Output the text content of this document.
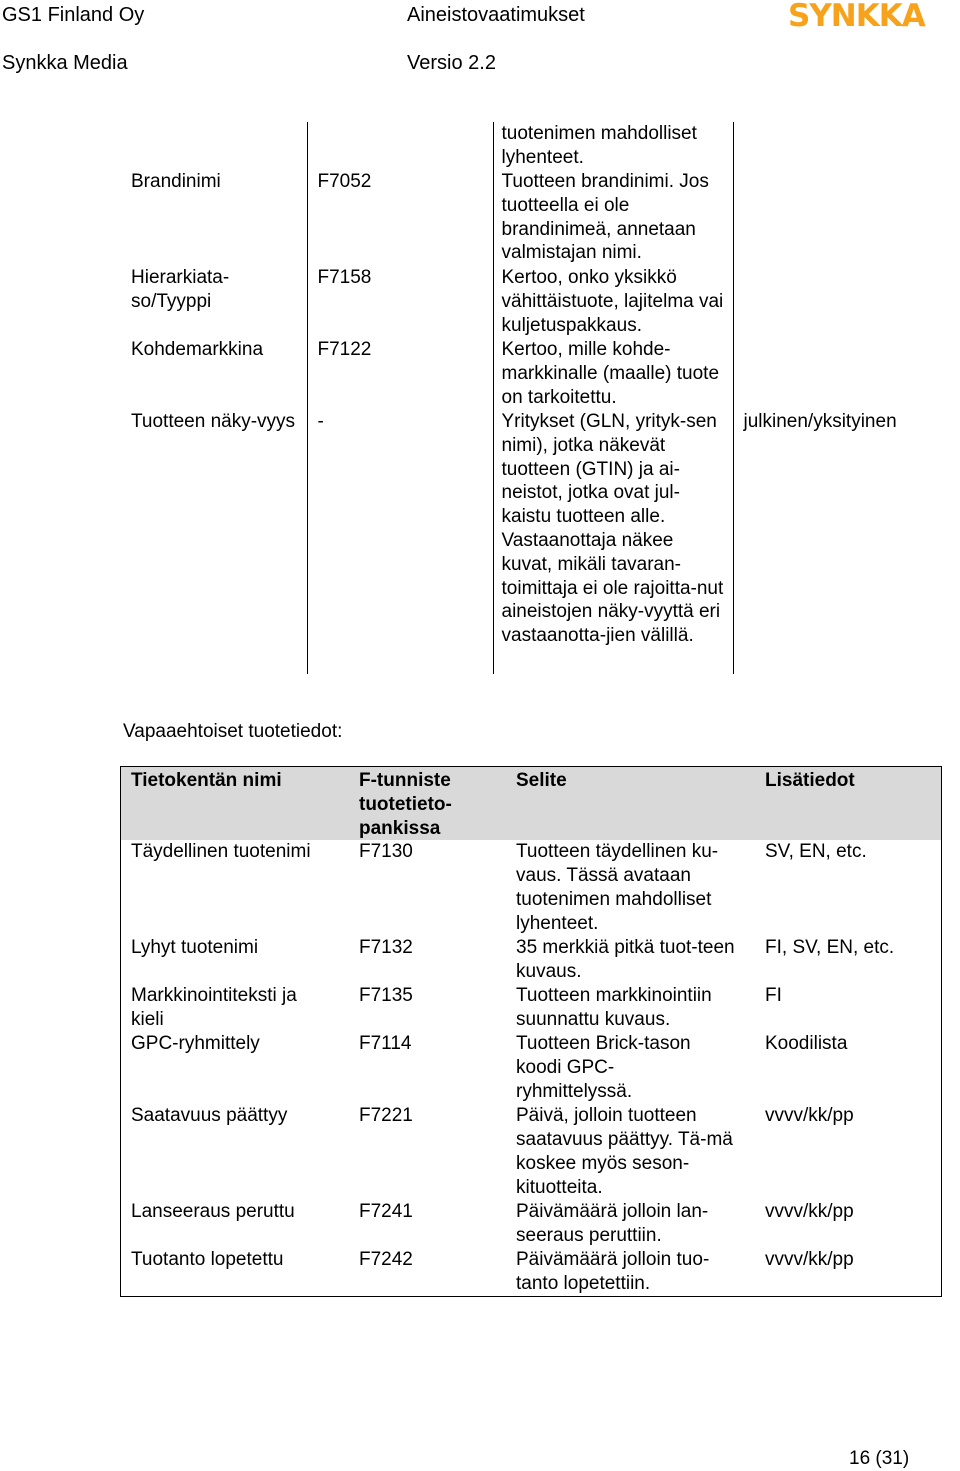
GS1 Finland Oy	Aineistovaatimukset	SYNKKA
Synkka Media	Versio 2.2
		tuotenimen mahdolliset lyhenteet.	
Brandinimi	F7052	Tuotteen brandinimi. Jos tuotteella ei ole brandinimeä, annetaan valmistajan nimi.	
Hierarkiata-so/Tyyppi	F7158	Kertoo, onko yksikkö vähittäistuote, lajitelma vai kuljetuspakkaus.	
Kohdemarkkina	F7122	Kertoo, mille kohde-markkinalle (maalle) tuote on tarkoitettu.	
Tuotteen näky-vyys	-	Yritykset (GLN, yrityk-sen nimi), jotka näkevät tuotteen (GTIN) ja ai-neistot, jotka ovat jul-kaistu tuotteen alle. Vastaanottaja näkee kuvat, mikäli tavaran-toimittaja ei ole rajoitta-nut aineistojen näky-vyyttä eri vastaanotta-jien välillä.	julkinen/yksityinen
Vapaaehtoiset tuotetiedot:
Tietokentän nimi	F-tunniste tuotetieto-pankissa	Selite	Lisätiedot
Täydellinen tuotenimi	F7130	Tuotteen täydellinen ku-vaus. Tässä avataan tuotenimen mahdolliset lyhenteet.	SV, EN, etc.
Lyhyt tuotenimi	F7132	35 merkkiä pitkä tuot-teen kuvaus.	FI, SV, EN, etc.
Markkinointiteksti ja kieli	F7135	Tuotteen markkinointiin suunnattu kuvaus.	FI
GPC-ryhmittely	F7114	Tuotteen Brick-tason koodi GPC-ryhmittelyssä.	Koodilista
Saatavuus päättyy	F7221	Päivä, jolloin tuotteen saatavuus päättyy. Tä-mä koskee myös seson-kituotteita.	vvvv/kk/pp
Lanseeraus peruttu	F7241	Päivämäärä jolloin lan-seeraus peruttiin.	vvvv/kk/pp
Tuotanto lopetettu	F7242	Päivämäärä jolloin tuo-tanto lopetettiin.	vvvv/kk/pp
16 (31)
